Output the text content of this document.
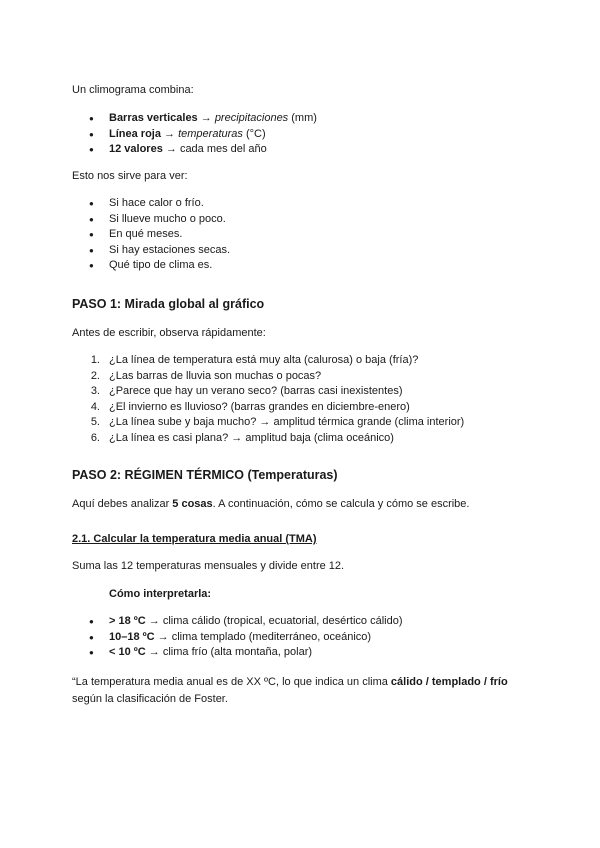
Un climograma combina:

● Barras verticales → precipitaciones (mm)
● Línea roja → temperaturas (°C)
● 12 valores → cada mes del año

Esto nos sirve para ver:

● Si hace calor o frío.
● Si llueve mucho o poco.
● En qué meses.
● Si hay estaciones secas.
● Qué tipo de clima es.
PASO 1: Mirada global al gráfico

Antes de escribir, observa rápidamente:

1. ¿La línea de temperatura está muy alta (calurosa) o baja (fría)?
2. ¿Las barras de lluvia son muchas o pocas?
3. ¿Parece que hay un verano seco? (barras casi inexistentes)
4. ¿El invierno es lluvioso? (barras grandes en diciembre-enero)
5. ¿La línea sube y baja mucho? → amplitud térmica grande (clima interior)
6. ¿La línea es casi plana? → amplitud baja (clima oceánico)
PASO 2: RÉGIMEN TÉRMICO (Temperaturas)

Aquí debes analizar 5 cosas. A continuación, cómo se calcula y cómo se escribe.

2.1. Calcular la temperatura media anual (TMA)

Suma las 12 temperaturas mensuales y divide entre 12.

Cómo interpretarla:

● > 18 ºC → clima cálido (tropical, ecuatorial, desértico cálido)
● 10–18 ºC → clima templado (mediterráneo, oceánico)
● < 10 ºC → clima frío (alta montaña, polar)

“La temperatura media anual es de XX ºC, lo que indica un clima cálido / templado / frío según la clasificación de Foster.
